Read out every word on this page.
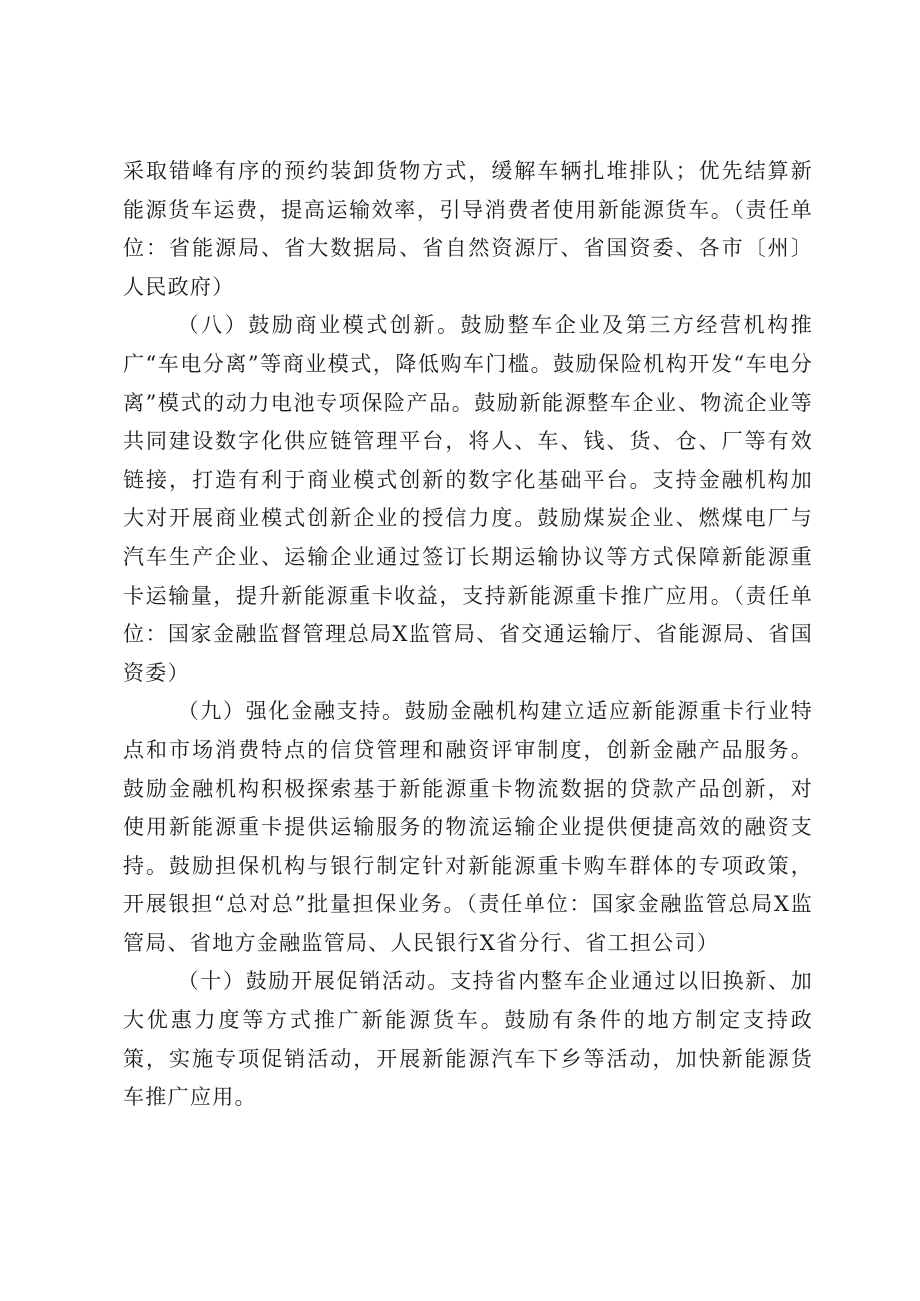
采取错峰有序的预约装卸货物方式，缓解车辆扎堆排队；优先结算新能源货车运费，提高运输效率，引导消费者使用新能源货车。（责任单位：省能源局、省大数据局、省自然资源厅、省国资委、各市〔州〕人民政府）

（八）鼓励商业模式创新。鼓励整车企业及第三方经营机构推广“车电分离”等商业模式，降低购车门槛。鼓励保险机构开发“车电分离”模式的动力电池专项保险产品。鼓励新能源整车企业、物流企业等共同建设数字化供应链管理平台，将人、车、钱、货、仓、厂等有效链接，打造有利于商业模式创新的数字化基础平台。支持金融机构加大对开展商业模式创新企业的授信力度。鼓励煤炭企业、燃煤电厂与汽车生产企业、运输企业通过签订长期运输协议等方式保障新能源重卡运输量，提升新能源重卡收益，支持新能源重卡推广应用。（责任单位：国家金融监督管理总局X监管局、省交通运输厅、省能源局、省国资委）

（九）强化金融支持。鼓励金融机构建立适应新能源重卡行业特点和市场消费特点的信贷管理和融资评审制度，创新金融产品服务。鼓励金融机构积极探索基于新能源重卡物流数据的贷款产品创新，对使用新能源重卡提供运输服务的物流运输企业提供便捷高效的融资支持。鼓励担保机构与银行制定针对新能源重卡购车群体的专项政策，开展银担“总对总”批量担保业务。（责任单位：国家金融监管总局X监管局、省地方金融监管局、人民银行X省分行、省工担公司）

（十）鼓励开展促销活动。支持省内整车企业通过以旧换新、加大优惠力度等方式推广新能源货车。鼓励有条件的地方制定支持政策，实施专项促销活动，开展新能源汽车下乡等活动，加快新能源货车推广应用。
